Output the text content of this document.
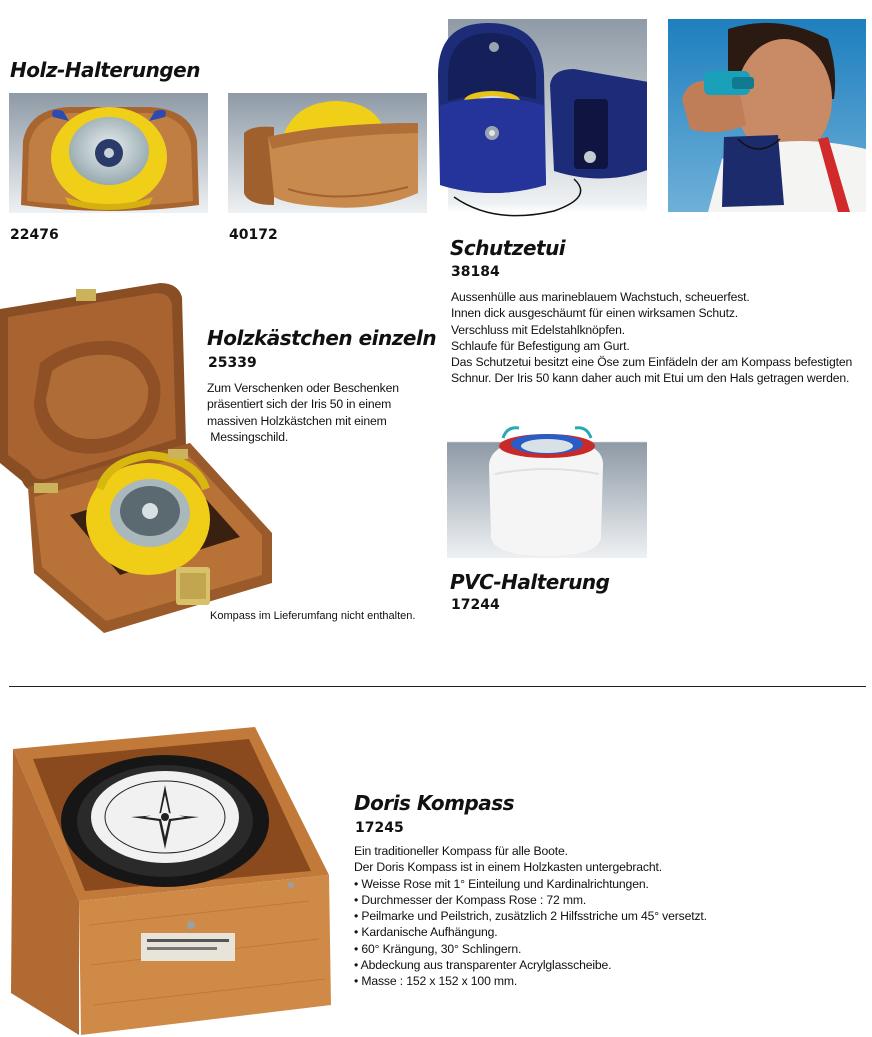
Holz-Halterungen
22476	40172
Schutzetui
38184
Aussenhülle aus marineblauem Wachstuch, scheuerfest.
Innen dick ausgeschäumt für einen wirksamen Schutz.
Verschluss mit Edelstahlknöpfen.
Schlaufe für Befestigung am Gurt.
Das Schutzetui besitzt eine Öse zum Einfädeln der am Kompass befestigten
Schnur. Der Iris 50 kann daher auch mit Etui um den Hals getragen werden.
Holzkästchen einzeln
25339
Zum Verschenken oder Beschenken
präsentiert sich der Iris 50 in einem
massiven Holzkästchen mit einem
Messingschild.
Kompass im Lieferumfang nicht enthalten.
PVC-Halterung
17244
Doris Kompass
17245
Ein traditioneller Kompass für alle Boote.
Der Doris Kompass ist in einem Holzkasten untergebracht.
• Weisse Rose mit 1° Einteilung und Kardinalrichtungen.
• Durchmesser der Kompass Rose : 72 mm.
• Peilmarke und Peilstrich, zusätzlich 2 Hilfsstriche um 45° versetzt.
• Kardanische Aufhängung.
• 60° Krängung, 30° Schlingern.
• Abdeckung aus transparenter Acrylglasscheibe.
• Masse : 152 x 152 x 100 mm.
